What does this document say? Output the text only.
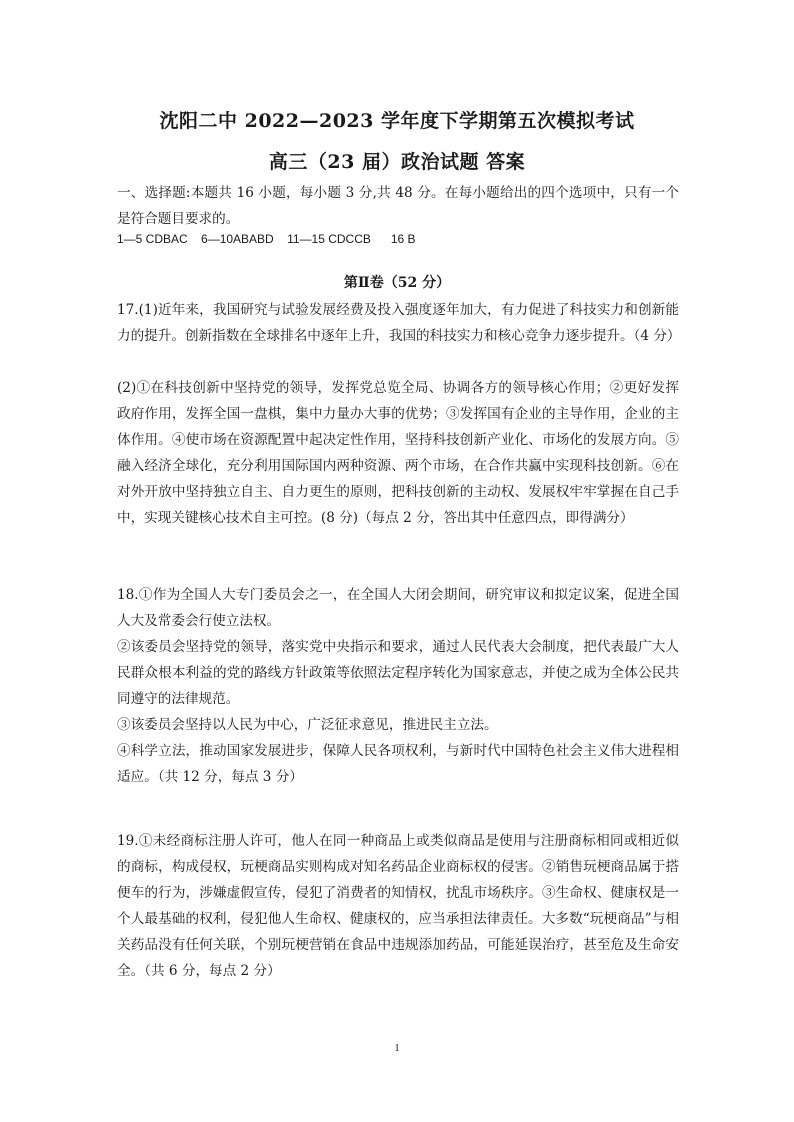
沈阳二中 2022—2023 学年度下学期第五次模拟考试
高三（23 届）政治试题 答案
一、选择题:本题共 16 小题，每小题 3 分,共 48 分。在每小题给出的四个选项中，只有一个是符合题目要求的。
1—5 CDBAC    6—10ABABD    11—15 CDCCB      16 B
第Ⅱ卷（52 分）
17.(1)近年来，我国研究与试验发展经费及投入强度逐年加大，有力促进了科技实力和创新能力的提升。创新指数在全球排名中逐年上升，我国的科技实力和核心竞争力逐步提升。（4 分）
(2)①在科技创新中坚持党的领导，发挥党总览全局、协调各方的领导核心作用；②更好发挥政府作用，发挥全国一盘棋，集中力量办大事的优势；③发挥国有企业的主导作用，企业的主体作用。④使市场在资源配置中起决定性作用，坚持科技创新产业化、市场化的发展方向。⑤融入经济全球化，充分利用国际国内两种资源、两个市场，在合作共赢中实现科技创新。⑥在对外开放中坚持独立自主、自力更生的原则，把科技创新的主动权、发展权牢牢掌握在自己手中，实现关键核心技术自主可控。(8 分)（每点 2 分，答出其中任意四点，即得满分）
18.①作为全国人大专门委员会之一，在全国人大闭会期间，研究审议和拟定议案，促进全国人大及常委会行使立法权。
②该委员会坚持党的领导，落实党中央指示和要求，通过人民代表大会制度，把代表最广大人民群众根本利益的党的路线方针政策等依照法定程序转化为国家意志，并使之成为全体公民共同遵守的法律规范。
③该委员会坚持以人民为中心，广泛征求意见，推进民主立法。
④科学立法，推动国家发展进步，保障人民各项权利，与新时代中国特色社会主义伟大进程相适应。（共 12 分，每点 3 分）
19.①未经商标注册人许可，他人在同一种商品上或类似商品是使用与注册商标相同或相近似的商标，构成侵权，玩梗商品实则构成对知名药品企业商标权的侵害。②销售玩梗商品属于搭便车的行为，涉嫌虚假宣传，侵犯了消费者的知情权，扰乱市场秩序。③生命权、健康权是一个人最基础的权利，侵犯他人生命权、健康权的，应当承担法律责任。大多数“玩梗商品”与相关药品没有任何关联，个别玩梗营销在食品中违规添加药品，可能延误治疗，甚至危及生命安全。（共 6 分，每点 2 分）
1
